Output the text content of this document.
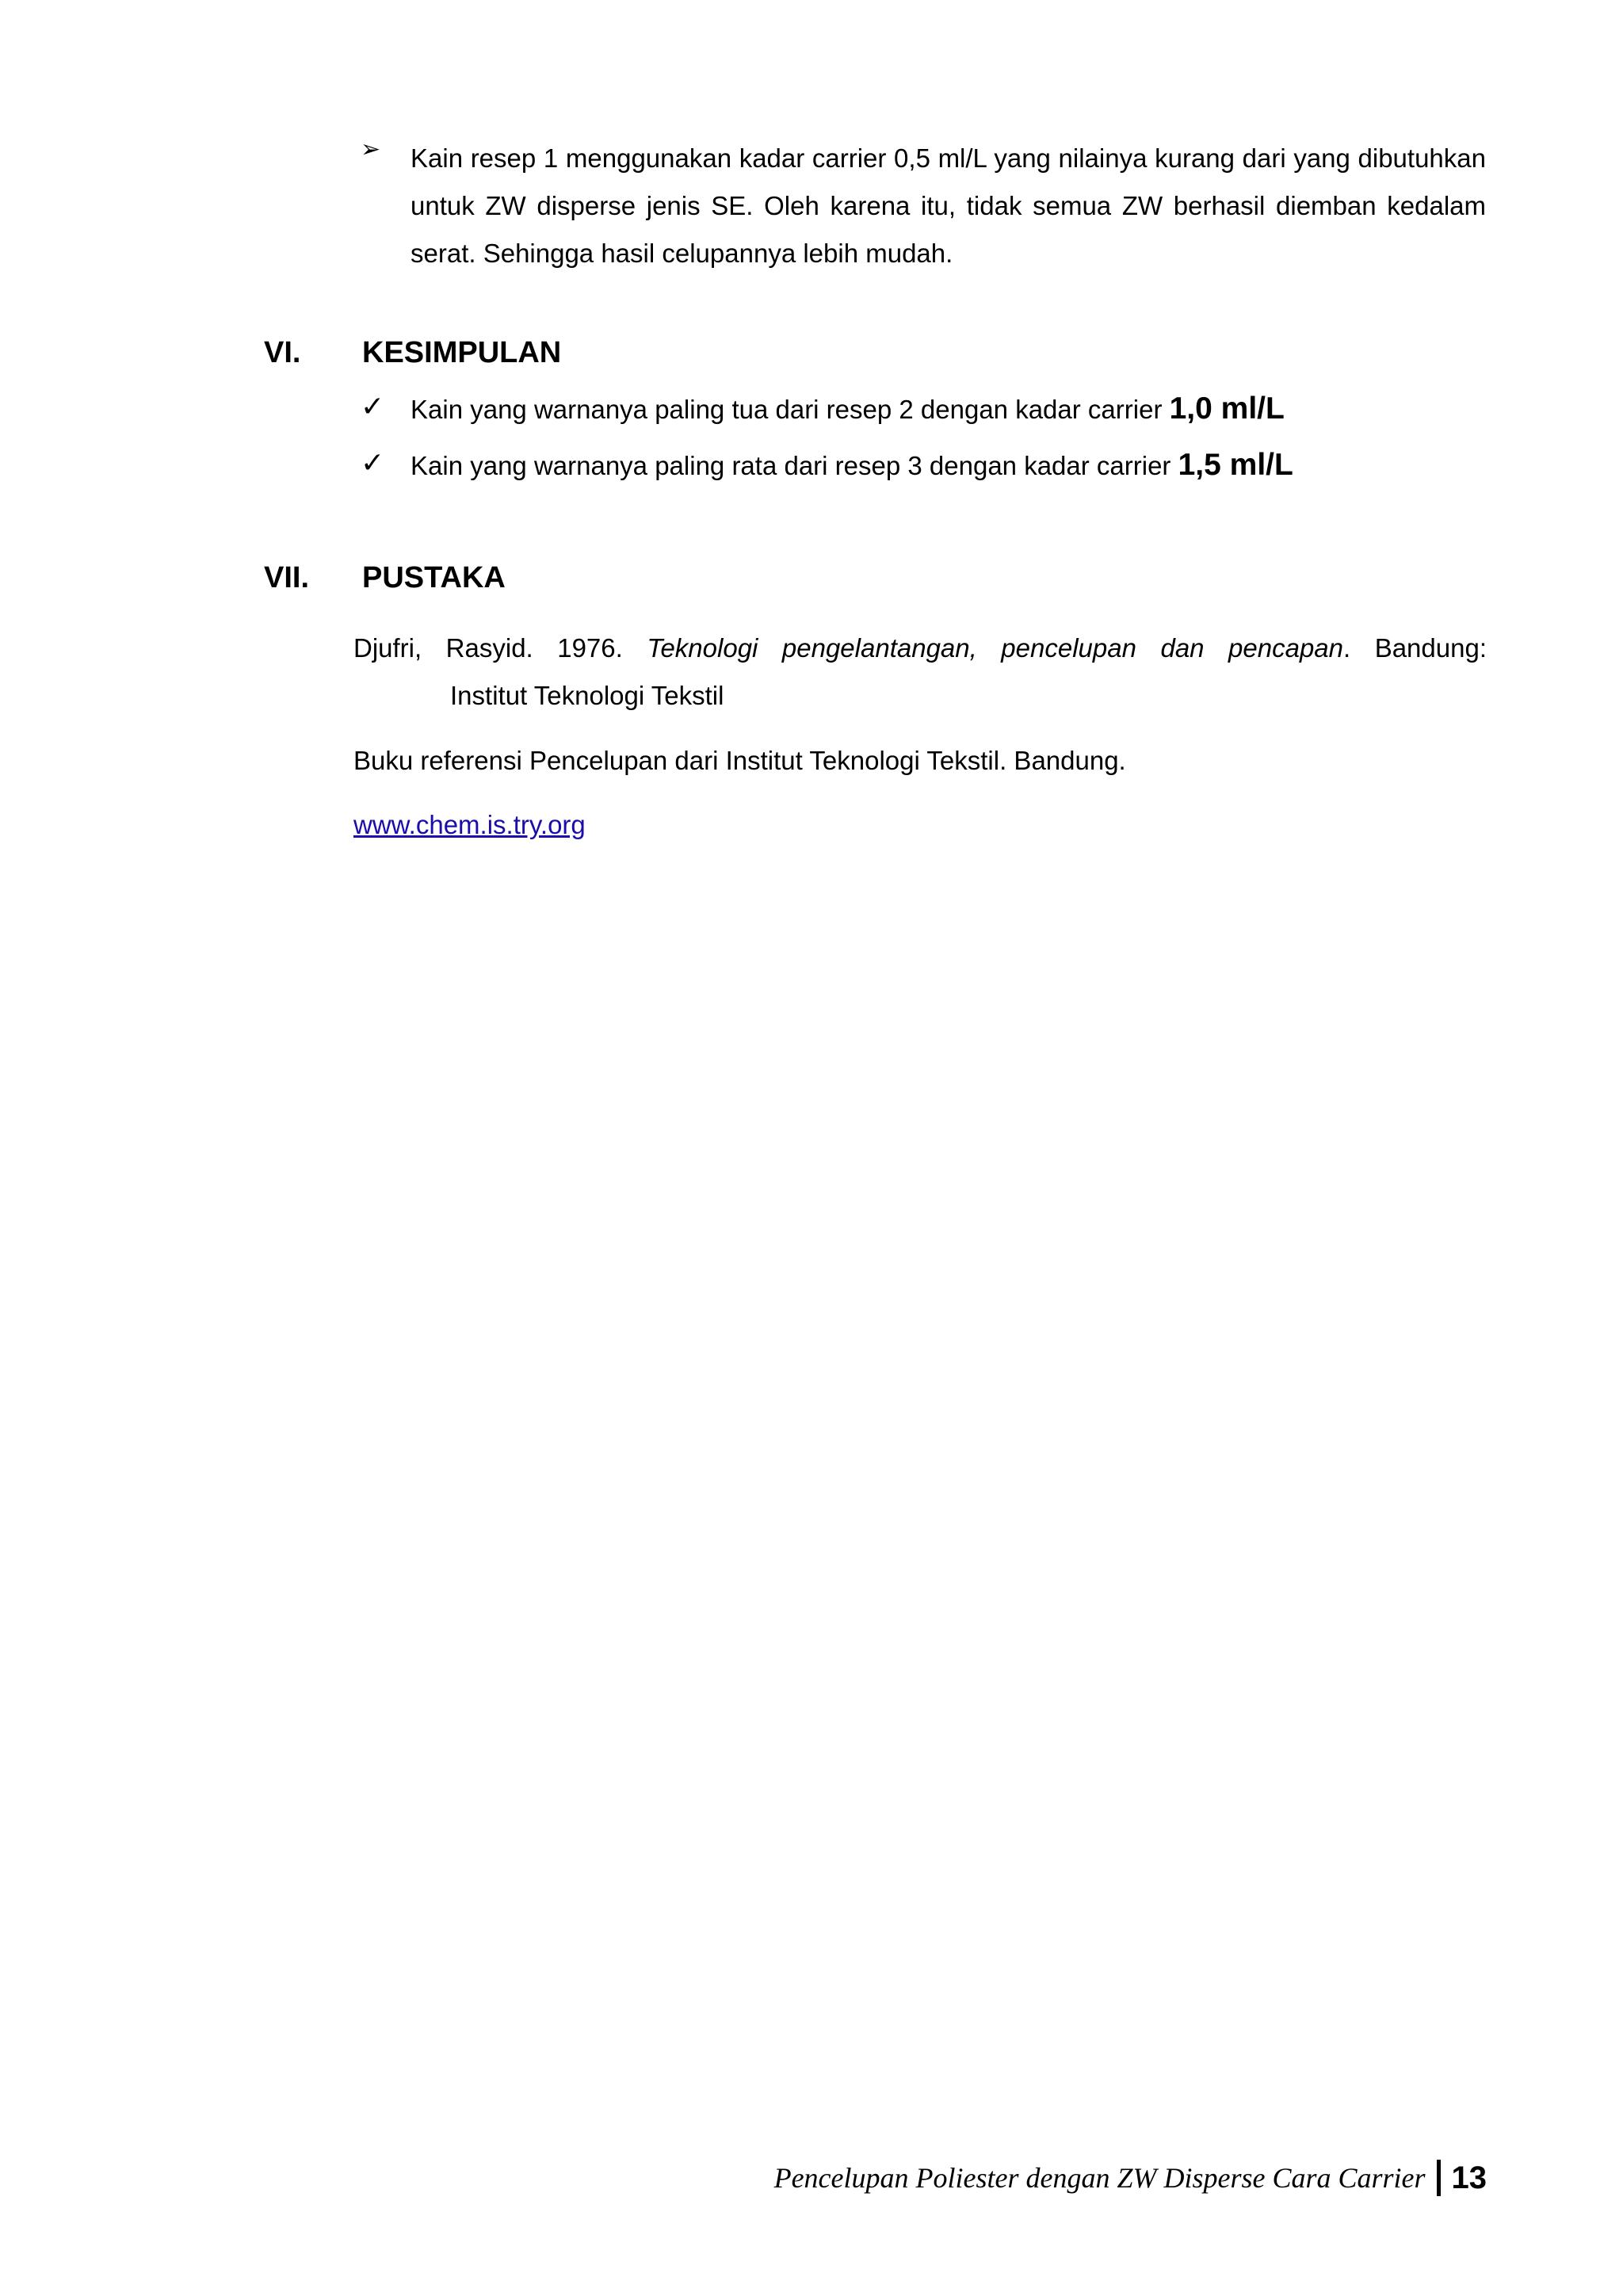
➢ Kain resep 1 menggunakan kadar carrier 0,5 ml/L yang nilainya kurang dari yang dibutuhkan untuk ZW disperse jenis SE. Oleh karena itu, tidak semua ZW berhasil diemban kedalam serat. Sehingga hasil celupannya lebih mudah.
VI. KESIMPULAN
✓ Kain yang warnanya paling tua dari resep 2 dengan kadar carrier 1,0 ml/L
✓ Kain yang warnanya paling rata dari resep 3 dengan kadar carrier 1,5 ml/L
VII. PUSTAKA
Djufri, Rasyid. 1976. Teknologi pengelantangan, pencelupan dan pencapan. Bandung:
Institut Teknologi Tekstil
Buku referensi Pencelupan dari Institut Teknologi Tekstil. Bandung.
www.chem.is.try.org
Pencelupan Poliester dengan ZW Disperse Cara Carrier 13
